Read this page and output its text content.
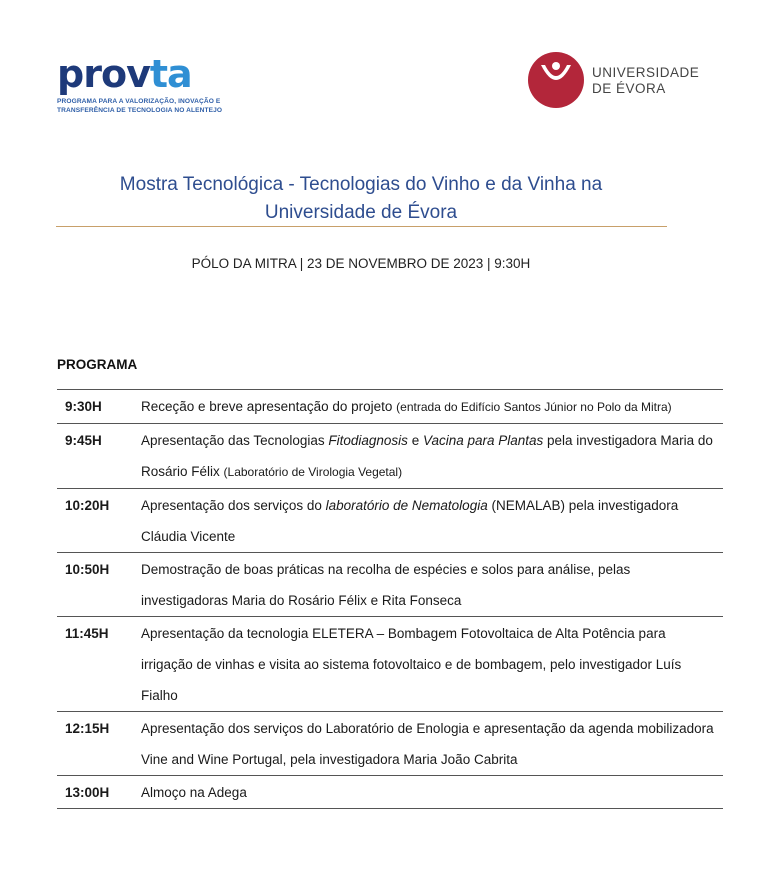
provta
PROGRAMA PARA A VALORIZAÇÃO, INOVAÇÃO E
TRANSFERÊNCIA DE TECNOLOGIA NO ALENTEJO
UNIVERSIDADE
DE ÉVORA
Mostra Tecnológica - Tecnologias do Vinho e da Vinha na
Universidade de Évora
PÓLO DA MITRA | 23 DE NOVEMBRO DE 2023 | 9:30H
PROGRAMA
9:30H	Receção e breve apresentação do projeto (entrada do Edifício Santos Júnior no Polo da Mitra)
9:45H	Apresentação das Tecnologias Fitodiagnosis e Vacina para Plantas pela investigadora Maria do Rosário Félix (Laboratório de Virologia Vegetal)
10:20H	Apresentação dos serviços do laboratório de Nematologia (NEMALAB) pela investigadora Cláudia Vicente
10:50H	Demostração de boas práticas na recolha de espécies e solos para análise, pelas investigadoras Maria do Rosário Félix e Rita Fonseca
11:45H	Apresentação da tecnologia ELETERA – Bombagem Fotovoltaica de Alta Potência para irrigação de vinhas e visita ao sistema fotovoltaico e de bombagem, pelo investigador Luís Fialho
12:15H	Apresentação dos serviços do Laboratório de Enologia e apresentação da agenda mobilizadora Vine and Wine Portugal, pela investigadora Maria João Cabrita
13:00H	Almoço na Adega
